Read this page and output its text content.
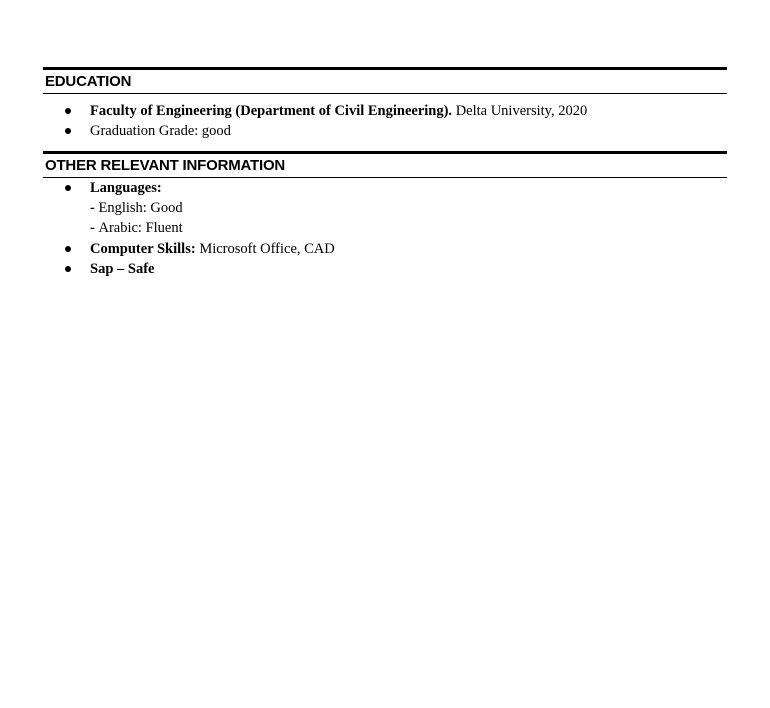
EDUCATION
Faculty of Engineering (Department of Civil Engineering). Delta University, 2020
Graduation Grade: good
OTHER RELEVANT INFORMATION
Languages:
- English: Good
- Arabic: Fluent
Computer Skills: Microsoft Office, CAD
Sap – Safe
